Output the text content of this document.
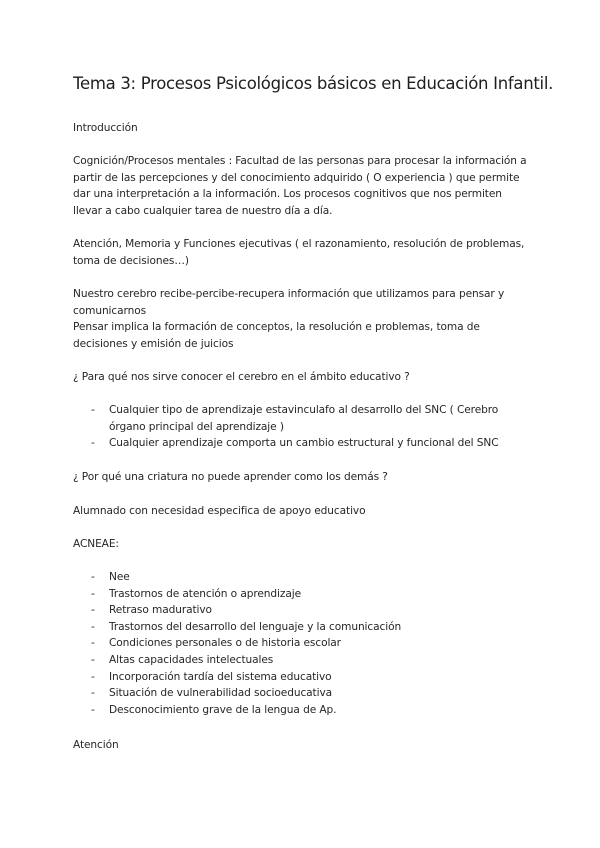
Tema 3: Procesos Psicológicos básicos en Educación Infantil.
Introducción
Cognición/Procesos mentales : Facultad de las personas para procesar la información a
partir de las percepciones y del conocimiento adquirido ( O experiencia ) que permite
dar una interpretación a la información. Los procesos cognitivos que nos permiten
llevar a cabo cualquier tarea de nuestro día a día.
Atención, Memoria y Funciones ejecutivas ( el razonamiento, resolución de problemas,
toma de decisiones…)
Nuestro cerebro recibe-percibe-recupera información que utilizamos para pensar y
comunicarnos
Pensar implica la formación de conceptos, la resolución e problemas, toma de
decisiones y emisión de juicios
¿ Para qué nos sirve conocer el cerebro en el ámbito educativo ?
- Cualquier tipo de aprendizaje estavinculafo al desarrollo del SNC ( Cerebro
órgano principal del aprendizaje )
- Cualquier aprendizaje comporta un cambio estructural y funcional del SNC
¿ Por qué una criatura no puede aprender como los demás ?
Alumnado con necesidad especifica de apoyo educativo
ACNEAE:
- Nee
- Trastornos de atención o aprendizaje
- Retraso madurativo
- Trastornos del desarrollo del lenguaje y la comunicación
- Condiciones personales o de historia escolar
- Altas capacidades intelectuales
- Incorporación tardía del sistema educativo
- Situación de vulnerabilidad socioeducativa
- Desconocimiento grave de la lengua de Ap.
Atención
